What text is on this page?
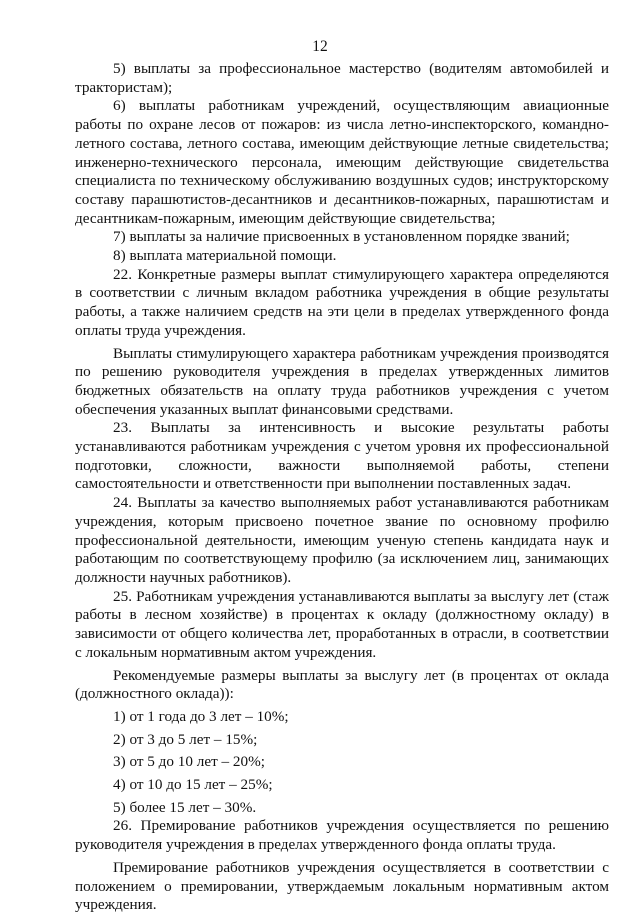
12

5) выплаты за профессиональное мастерство (водителям автомобилей и трактористам);

6) выплаты работникам учреждений, осуществляющим авиационные работы по охране лесов от пожаров: из числа летно-инспекторского, командно-летного состава, летного состава, имеющим действующие летные свидетельства; инженерно-технического персонала, имеющим действующие свидетельства специалиста по техническому обслуживанию воздушных судов; инструкторскому составу парашютистов-десантников и десантников-пожарных, парашютистам и десантникам-пожарным, имеющим действующие свидетельства;

7) выплаты за наличие присвоенных в установленном порядке званий;

8) выплата материальной помощи.

22. Конкретные размеры выплат стимулирующего характера определяются в соответствии с личным вкладом работника учреждения в общие результаты работы, а также наличием средств на эти цели в пределах утвержденного фонда оплаты труда учреждения.

Выплаты стимулирующего характера работникам учреждения производятся по решению руководителя учреждения в пределах утвержденных лимитов бюджетных обязательств на оплату труда работников учреждения с учетом обеспечения указанных выплат финансовыми средствами.

23. Выплаты за интенсивность и высокие результаты работы устанавливаются работникам учреждения с учетом уровня их профессиональной подготовки, сложности, важности выполняемой работы, степени самостоятельности и ответственности при выполнении поставленных задач.

24. Выплаты за качество выполняемых работ устанавливаются работникам учреждения, которым присвоено почетное звание по основному профилю профессиональной деятельности, имеющим ученую степень кандидата наук и работающим по соответствующему профилю (за исключением лиц, занимающих должности научных работников).

25. Работникам учреждения устанавливаются выплаты за выслугу лет (стаж работы в лесном хозяйстве) в процентах к окладу (должностному окладу) в зависимости от общего количества лет, проработанных в отрасли, в соответствии с локальным нормативным актом учреждения.

Рекомендуемые размеры выплаты за выслугу лет (в процентах от оклада (должностного оклада)):

1) от 1 года до 3 лет – 10%;

2) от 3 до 5 лет – 15%;

3) от 5 до 10 лет – 20%;

4) от 10 до 15 лет – 25%;

5) более 15 лет – 30%.

26. Премирование работников учреждения осуществляется по решению руководителя учреждения в пределах утвержденного фонда оплаты труда.

Премирование работников учреждения осуществляется в соответствии с положением о премировании, утверждаемым локальным нормативным актом учреждения.
